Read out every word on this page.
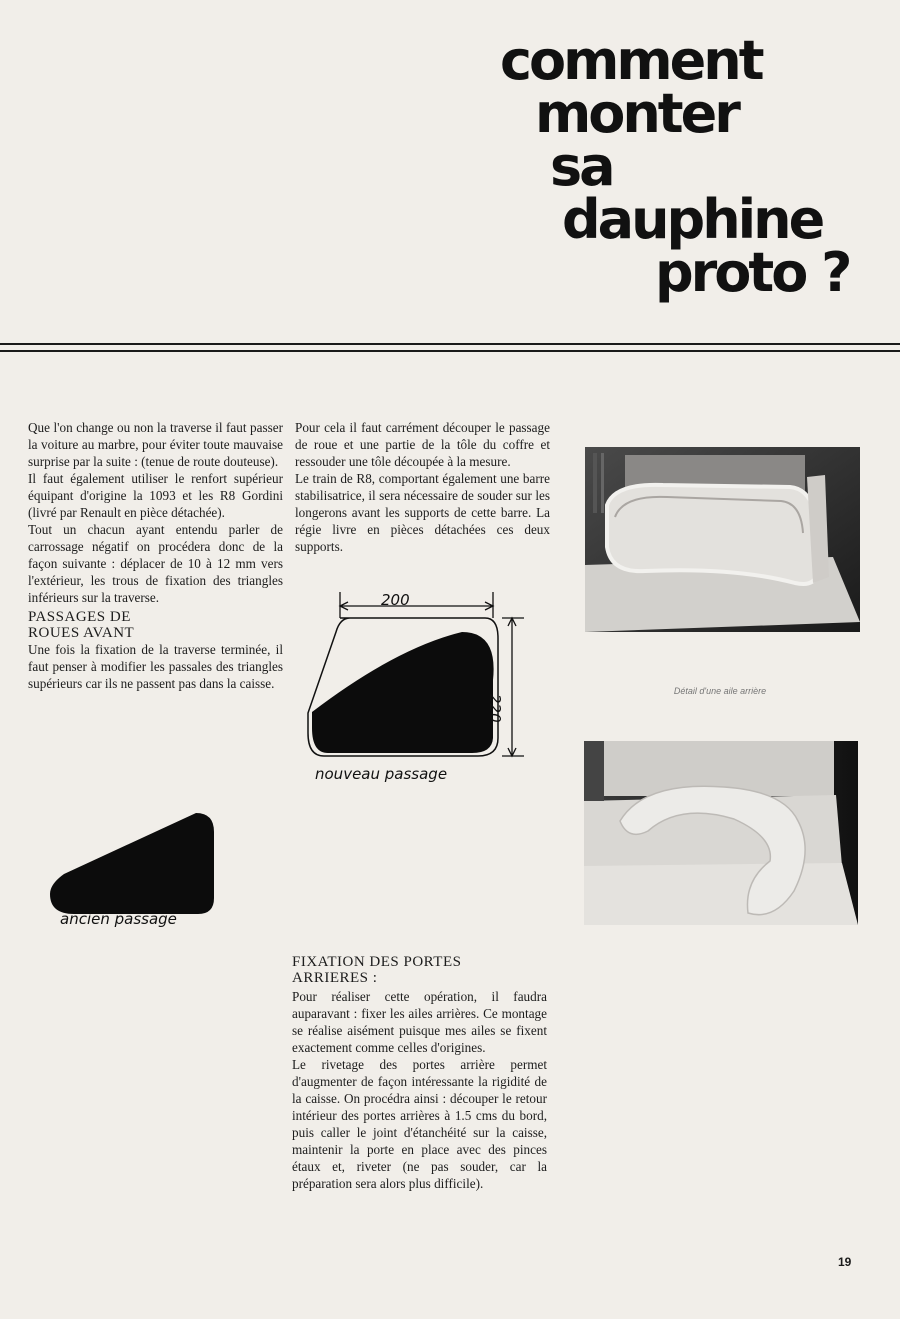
comment
monter
sa
dauphine
proto ?

Que l'on change ou non la traverse il faut passer la voiture au marbre, pour éviter toute mauvaise surprise par la suite : (tenue de route douteuse).

Il faut également utiliser le renfort supérieur équipant d'origine la 1093 et les R8 Gordini (livré par Renault en pièce détachée).

Tout un chacun ayant entendu parler de carrossage négatif on procédera donc de la façon suivante : déplacer de 10 à 12 mm vers l'extérieur, les trous de fixation des triangles inférieurs sur la traverse.

PASSAGES DE ROUES AVANT

Une fois la fixation de la traverse terminée, il faut penser à modifier les passales des triangles supérieurs car ils ne passent pas dans la caisse.

Pour cela il faut carrément découper le passage de roue et une partie de la tôle du coffre et ressouder une tôle découpée à la mesure.

Le train de R8, comportant également une barre stabilisatrice, il sera nécessaire de souder sur les longerons avant les supports de cette barre. La régie livre en pièces détachées ces deux supports.

200
220
nouveau passage
ancien passage
Détail d'une aile arrière

FIXATION DES PORTES ARRIERES :

Pour réaliser cette opération, il faudra auparavant : fixer les ailes arrières. Ce montage se réalise aisément puisque mes ailes se fixent exactement comme celles d'origines.

Le rivetage des portes arrière permet d'augmenter de façon intéressante la rigidité de la caisse. On procédra ainsi : découper le retour intérieur des portes arrières à 1.5 cms du bord, puis caller le joint d'étanchéité sur la caisse, maintenir la porte en place avec des pinces étaux et, riveter (ne pas souder, car la préparation sera alors plus difficile).

19
